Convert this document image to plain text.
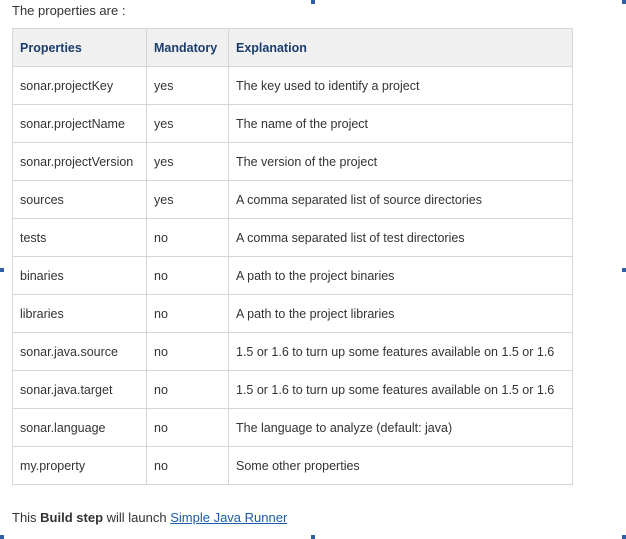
The properties are :
Properties	Mandatory	Explanation
sonar.projectKey	yes	The key used to identify a project
sonar.projectName	yes	The name of the project
sonar.projectVersion	yes	The version of the project
sources	yes	A comma separated list of source directories
tests	no	A comma separated list of test directories
binaries	no	A path to the project binaries
libraries	no	A path to the project libraries
sonar.java.source	no	1.5 or 1.6 to turn up some features available on 1.5 or 1.6
sonar.java.target	no	1.5 or 1.6 to turn up some features available on 1.5 or 1.6
sonar.language	no	The language to analyze (default: java)
my.property	no	Some other properties
This Build step will launch Simple Java Runner
